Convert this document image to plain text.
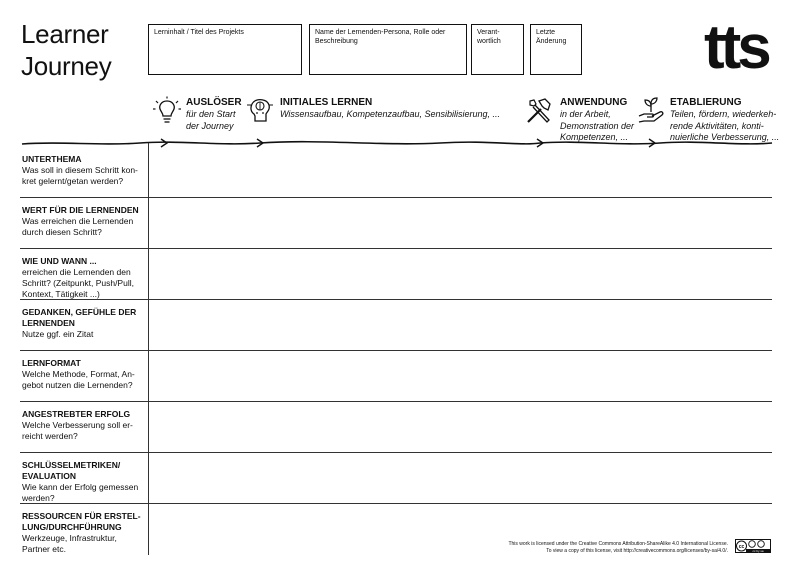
Learner
Journey
Lerninhalt / Titel des Projekts	Name der Lernenden-Persona, Rolle oder Beschreibung
Verant-wortlich
Letzte Änderung tts
AUSLÖSER
für den Start der Journey
INITIALES LERNEN
Wissensaufbau, Kompetenzaufbau, Sensibilisierung, ...
ANWENDUNG
in der Arbeit, Demonstration der Kompetenzen, ...
ETABLIERUNG
Teilen, fördern, wiederkeh-rende Aktivitäten, konti-nuierliche Verbesserung, ...
UNTERTHEMA
Was soll in diesem Schritt kon-kret gelernt/getan werden?
WERT FÜR DIE LERNENDEN
Was erreichen die Lernenden durch diesen Schritt?
WIE UND WANN ...
erreichen die Lernenden den Schritt? (Zeitpunkt, Push/Pull, Kontext, Tätigkeit ...)
GEDANKEN, GEFÜHLE DER LERNENDEN
Nutze ggf. ein Zitat
LERNFORMAT
Welche Methode, Format, An-gebot nutzen die Lernenden?
ANGESTREBTER ERFOLG
Welche Verbesserung soll er-reicht werden?
SCHLÜSSELMETRIKEN/ EVALUATION
Wie kann der Erfolg gemessen werden?
RESSOURCEN FÜR ERSTEL-LUNG/DURCHFÜHRUNG
Werkzeuge, Infrastruktur, Partner etc.	This work is licensed under the Creative Commons Attribution-ShareAlike 4.0 International License.
To view a copy of this license, visit http://creativecommons.org/licenses/by-sa/4.0/.
cc
cc by sa
